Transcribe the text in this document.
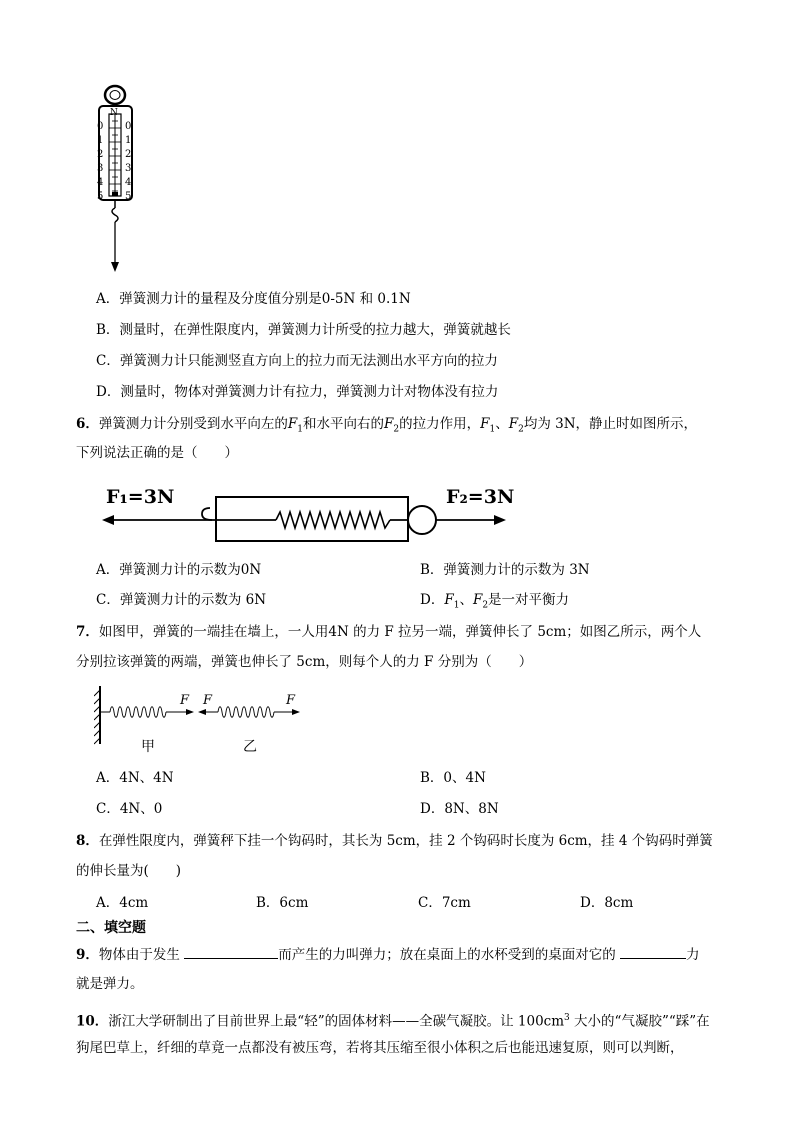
N
0
1
2
3
4
5
0
1
2
3
4
5
A．弹簧测力计的量程及分度值分别是0-5N 和 0.1N
B．测量时，在弹性限度内，弹簧测力计所受的拉力越大，弹簧就越长
C．弹簧测力计只能测竖直方向上的拉力而无法测出水平方向的拉力
D．测量时，物体对弹簧测力计有拉力，弹簧测力计对物体没有拉力
6．弹簧测力计分别受到水平向左的$F_1$和水平向右的$F_2$的拉力作用，$F_1$、$F_2$均为 3N，静止时如图所示，
下列说法正确的是（　　）
F₁=3N	F₂=3N
A．弹簧测力计的示数为0N	B．弹簧测力计的示数为 3N
C．弹簧测力计的示数为 6N	D．$F_1$、$F_2$是一对平衡力
7．如图甲，弹簧的一端挂在墙上，一人用4N 的力 F 拉另一端，弹簧伸长了 5cm；如图乙所示，两个人
分别拉该弹簧的两端，弹簧也伸长了 5cm，则每个人的力 F 分别为（　　）
F F	F
甲	乙
A．4N、4N	B．0、4N
C．4N、0	D．8N、8N
8．在弹性限度内，弹簧秤下挂一个钩码时，其长为 5cm，挂 2 个钩码时长度为 6cm，挂 4 个钩码时弹簧
的伸长量为(　　)
A．4cm	B．6cm	C．7cm	D．8cm
二、填空题
9．物体由于发生	而产生的力叫弹力；放在桌面上的水杯受到的桌面对它的	力
就是弹力。
10．浙江大学研制出了目前世界上最“轻”的固体材料——全碳气凝胶。让 $100cm^3$ 大小的“气凝胶”“踩”在
狗尾巴草上，纤细的草竟一点都没有被压弯，若将其压缩至很小体积之后也能迅速复原，则可以判断，
